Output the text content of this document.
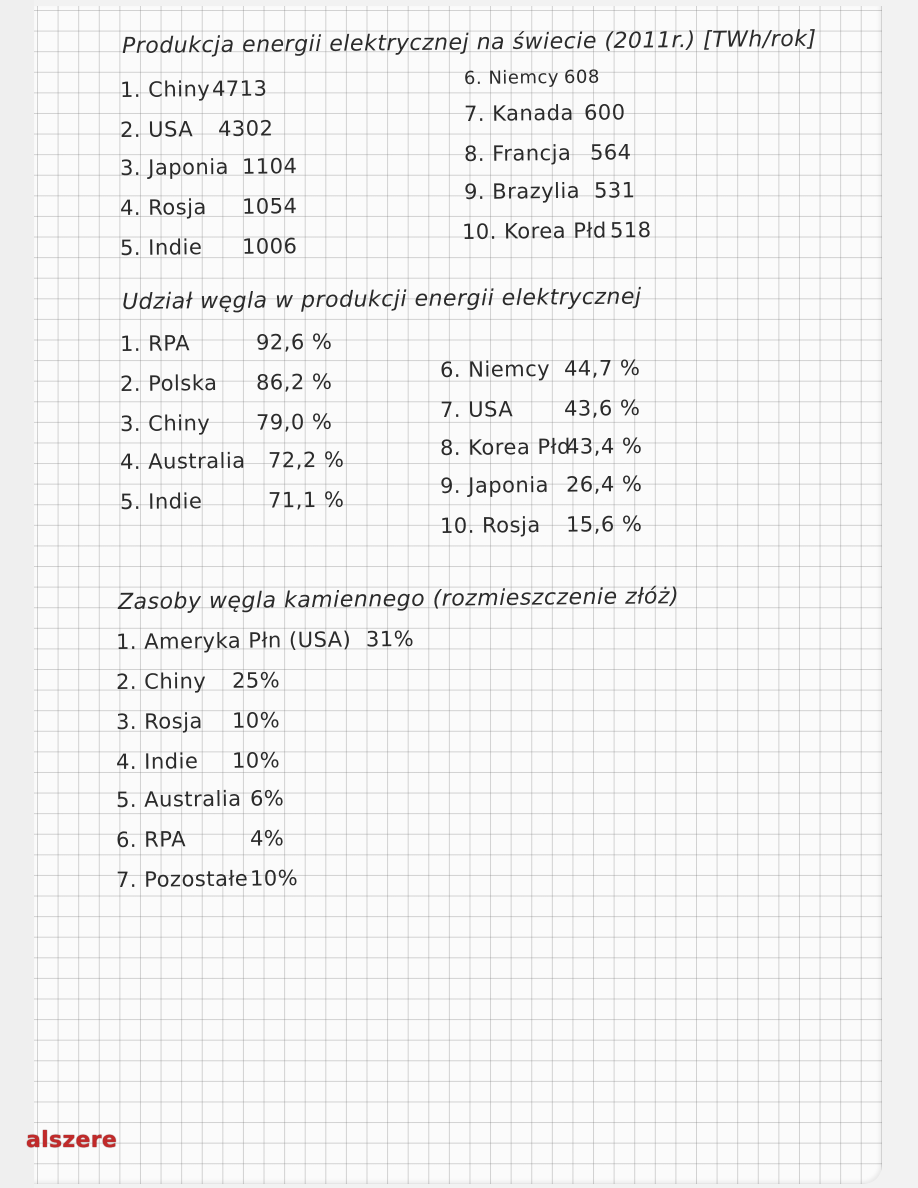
Produkcja energii elektrycznej na świecie (2011r.) [TWh/rok]
1. Chiny4713
2. USA 4302
3. Japonia 1104
4. Rosja 1054
5. Indie 1006
6. Niemcy 608
7. Kanada 600
8. Francja 564
9. Brazylia 531
10. Korea Płd 518
Udział węgla w produkcji energii elektrycznej
1. RPA	92,6 %
2. Polska 86,2 %
3. Chiny 79,0 %
4. Australia 72,2 %
5. Indie	71,1 %
6. Niemcy 44,7 %
7. USA 43,6 %
8. Korea Płd43,4 %
9. Japonia 26,4 %
10. Rosja 15,6 %
Zasoby węgla kamiennego (rozmieszczenie złóż)
1. Ameryka Płn (USA) 31%
2. Chiny 25%
3. Rosja 10%
4. Indie 10%
5. Australia 6%
6. RPA	4%
7. Pozostałe10%
alszere
